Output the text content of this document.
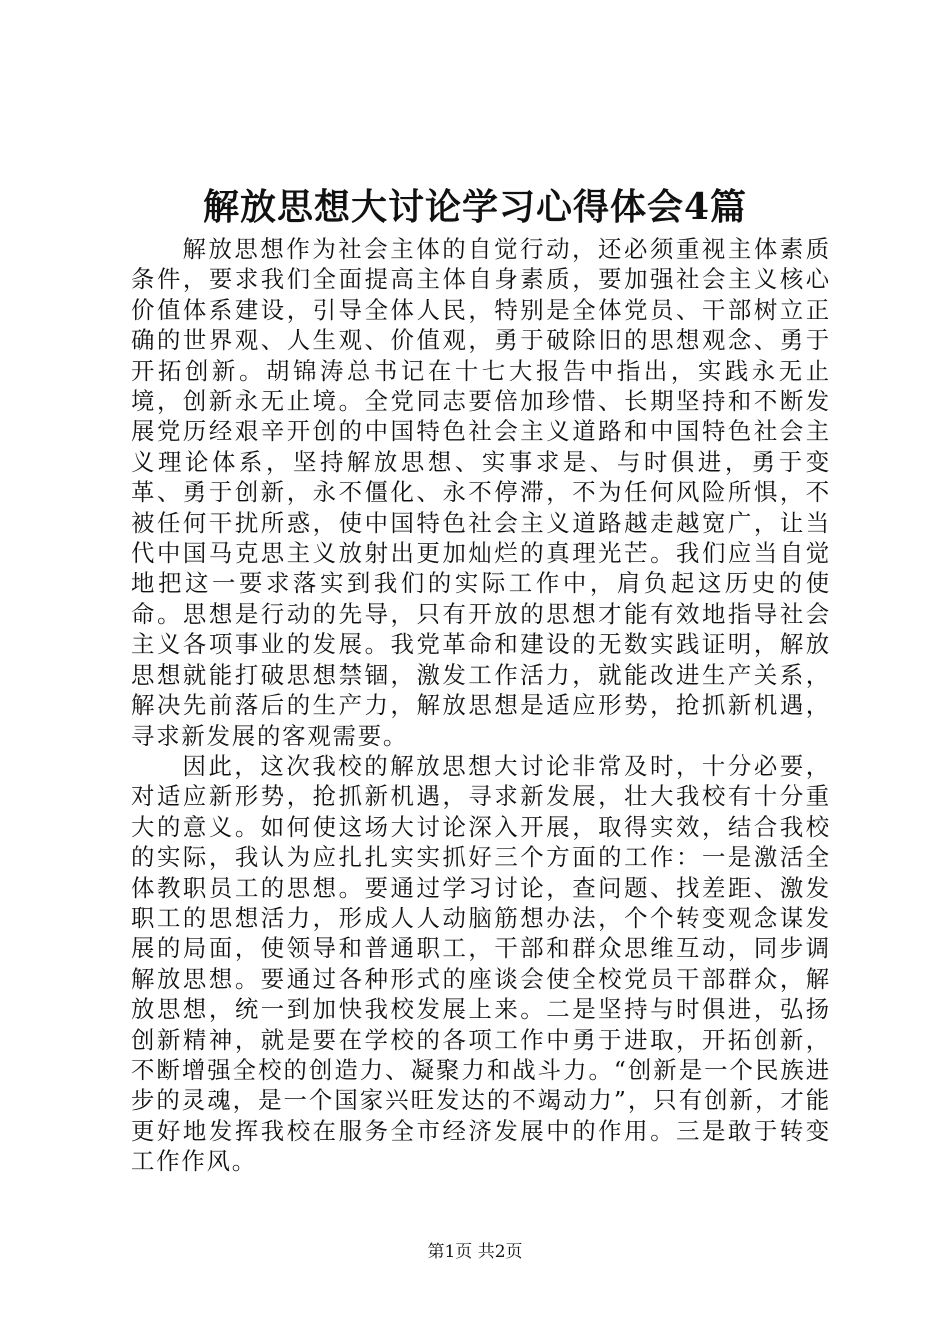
解放思想大讨论学习心得体会4篇

解放思想作为社会主体的自觉行动，还必须重视主体素质条件，要求我们全面提高主体自身素质，要加强社会主义核心价值体系建设，引导全体人民，特别是全体党员、干部树立正确的世界观、人生观、价值观，勇于破除旧的思想观念、勇于开拓创新。胡锦涛总书记在十七大报告中指出，实践永无止境，创新永无止境。全党同志要倍加珍惜、长期坚持和不断发展党历经艰辛开创的中国特色社会主义道路和中国特色社会主义理论体系，坚持解放思想、实事求是、与时俱进，勇于变革、勇于创新，永不僵化、永不停滞，不为任何风险所惧，不被任何干扰所惑，使中国特色社会主义道路越走越宽广，让当代中国马克思主义放射出更加灿烂的真理光芒。我们应当自觉地把这一要求落实到我们的实际工作中，肩负起这历史的使命。思想是行动的先导，只有开放的思想才能有效地指导社会主义各项事业的发展。我党革命和建设的无数实践证明，解放思想就能打破思想禁锢，激发工作活力，就能改进生产关系，解决先前落后的生产力，解放思想是适应形势，抢抓新机遇，寻求新发展的客观需要。

因此，这次我校的解放思想大讨论非常及时，十分必要，对适应新形势，抢抓新机遇，寻求新发展，壮大我校有十分重大的意义。如何使这场大讨论深入开展，取得实效，结合我校的实际，我认为应扎扎实实抓好三个方面的工作：一是激活全体教职员工的思想。要通过学习讨论，查问题、找差距、激发职工的思想活力，形成人人动脑筋想办法，个个转变观念谋发展的局面，使领导和普通职工，干部和群众思维互动，同步调解放思想。要通过各种形式的座谈会使全校党员干部群众，解放思想，统一到加快我校发展上来。二是坚持与时俱进，弘扬创新精神，就是要在学校的各项工作中勇于进取，开拓创新，不断增强全校的创造力、凝聚力和战斗力。“创新是一个民族进步的灵魂，是一个国家兴旺发达的不竭动力”，只有创新，才能更好地发挥我校在服务全市经济发展中的作用。三是敢于转变工作作风。

第1页 共2页
